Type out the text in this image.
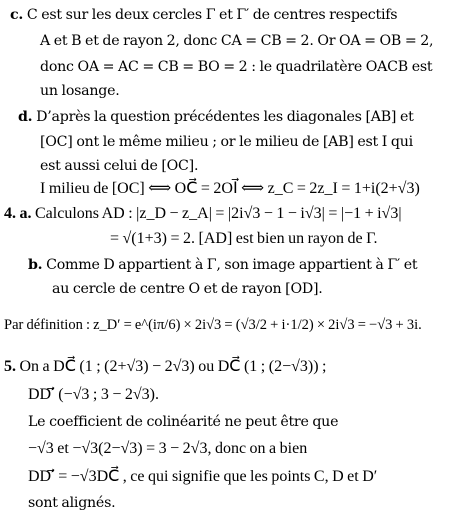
c. C est sur les deux cercles Γ et Γ′ de centres respectifs
A et B et de rayon 2, donc CA = CB = 2. Or OA = OB = 2,
donc OA = AC = CB = BO = 2 : le quadrilatère OACB est
un losange.
d. D’après la question précédentes les diagonales [AB] et
[OC] ont le même milieu ; or le milieu de [AB] est I qui
est aussi celui de [OC].
I milieu de [OC] ⟺ OC⃗ = 2OI⃗ ⟺ z_C = 2z_I = 1+i(2+√3)
4. a. Calculons AD : |z_D − z_A| = |2i√3 − 1 − i√3| = |−1 + i√3|
= √(1+3) = 2. [AD] est bien un rayon de Γ.
b. Comme D appartient à Γ, son image appartient à Γ′ et
au cercle de centre O et de rayon [OD].
Par définition : z_D′ = e^(iπ/6) × 2i√3 = (√3/2 + i·1/2) × 2i√3 = −√3 + 3i.
5. On a DC⃗ (1 ; (2+√3) − 2√3) ou DC⃗ (1 ; (2−√3)) ;
DD′⃗ (−√3 ; 3 − 2√3).
Le coefficient de colinéarité ne peut être que
−√3 et −√3(2−√3) = 3 − 2√3, donc on a bien
DD′⃗ = −√3DC⃗ , ce qui signifie que les points C, D et D′
sont alignés.
